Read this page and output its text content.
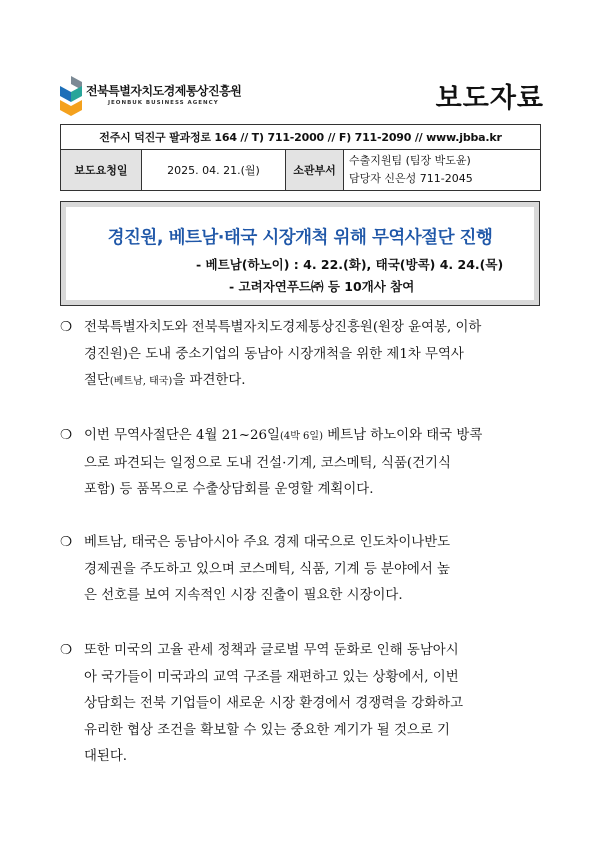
전북특별자치도경제통상진흥원
JEONBUK BUSINESS AGENCY	보도자료
전주시 덕진구 팔과정로 164 // T) 711-2000 // F) 711-2090 // www.jbba.kr
보도요청일	2025. 04. 21.(월)	소관부서	
수출지원팀 (팀장 박도윤)
담당자 신은성 711-2045
경진원, 베트남·태국 시장개척 위해 무역사절단 진행
- 베트남(하노이) : 4. 22.(화), 태국(방콕) 4. 24.(목)
- 고려자연푸드㈜ 등 10개사 참여
❍ 전북특별자치도와 전북특별자치도경제통상진흥원(원장 윤여봉, 이하
경진원)은 도내 중소기업의 동남아 시장개척을 위한 제1차 무역사
절단(베트남, 태국)을 파견한다.
❍ 이번 무역사절단은 4월 21~26일(4박 6일) 베트남 하노이와 태국 방콕
으로 파견되는 일정으로 도내 건설·기계, 코스메틱, 식품(건기식
포함) 등 품목으로 수출상담회를 운영할 계획이다.
❍ 베트남, 태국은 동남아시아 주요 경제 대국으로 인도차이나반도
경제권을 주도하고 있으며 코스메틱, 식품, 기계 등 분야에서 높
은 선호를 보여 지속적인 시장 진출이 필요한 시장이다.
❍ 또한 미국의 고율 관세 정책과 글로벌 무역 둔화로 인해 동남아시
아 국가들이 미국과의 교역 구조를 재편하고 있는 상황에서, 이번
상담회는 전북 기업들이 새로운 시장 환경에서 경쟁력을 강화하고
유리한 협상 조건을 확보할 수 있는 중요한 계기가 될 것으로 기
대된다.
